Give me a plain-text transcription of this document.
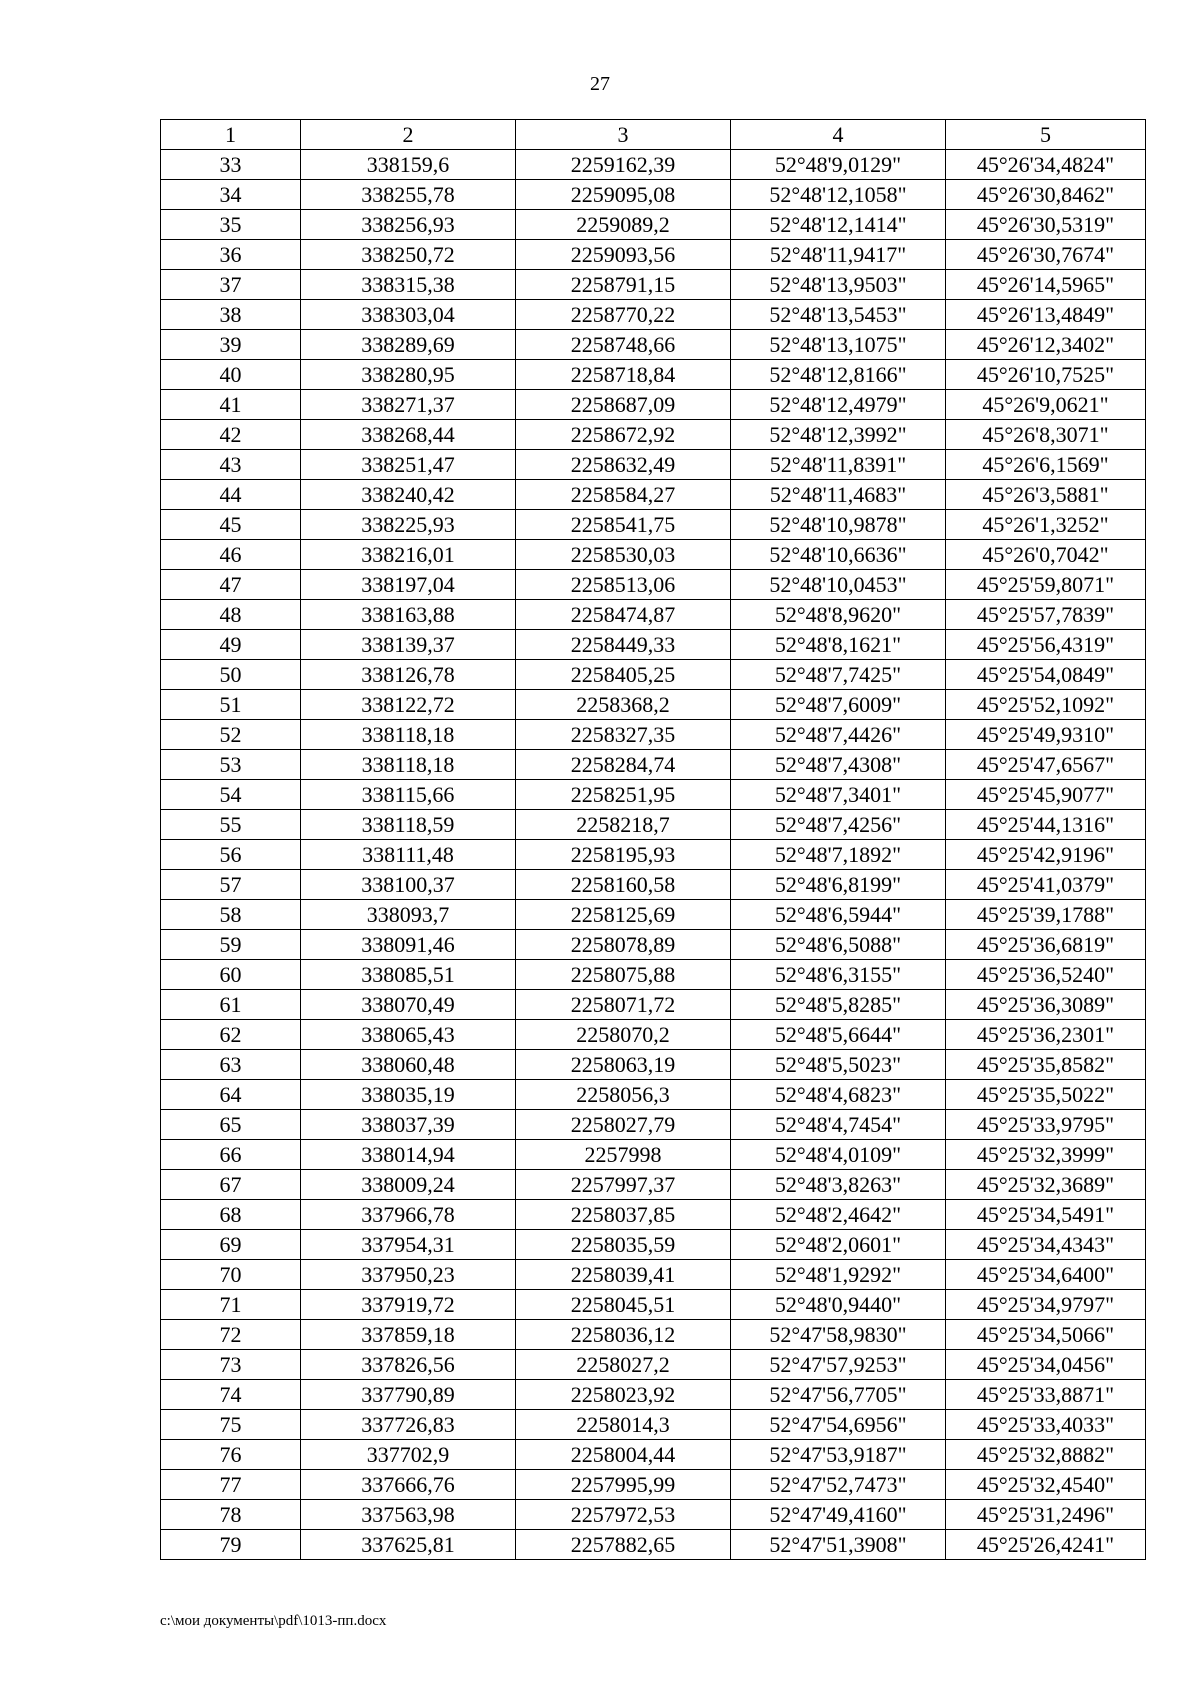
27
1	2	3	4	5
33	338159,6	2259162,39	52°48'9,0129"	45°26'34,4824"
34	338255,78	2259095,08	52°48'12,1058"	45°26'30,8462"
35	338256,93	2259089,2	52°48'12,1414"	45°26'30,5319"
36	338250,72	2259093,56	52°48'11,9417"	45°26'30,7674"
37	338315,38	2258791,15	52°48'13,9503"	45°26'14,5965"
38	338303,04	2258770,22	52°48'13,5453"	45°26'13,4849"
39	338289,69	2258748,66	52°48'13,1075"	45°26'12,3402"
40	338280,95	2258718,84	52°48'12,8166"	45°26'10,7525"
41	338271,37	2258687,09	52°48'12,4979"	45°26'9,0621"
42	338268,44	2258672,92	52°48'12,3992"	45°26'8,3071"
43	338251,47	2258632,49	52°48'11,8391"	45°26'6,1569"
44	338240,42	2258584,27	52°48'11,4683"	45°26'3,5881"
45	338225,93	2258541,75	52°48'10,9878"	45°26'1,3252"
46	338216,01	2258530,03	52°48'10,6636"	45°26'0,7042"
47	338197,04	2258513,06	52°48'10,0453"	45°25'59,8071"
48	338163,88	2258474,87	52°48'8,9620"	45°25'57,7839"
49	338139,37	2258449,33	52°48'8,1621"	45°25'56,4319"
50	338126,78	2258405,25	52°48'7,7425"	45°25'54,0849"
51	338122,72	2258368,2	52°48'7,6009"	45°25'52,1092"
52	338118,18	2258327,35	52°48'7,4426"	45°25'49,9310"
53	338118,18	2258284,74	52°48'7,4308"	45°25'47,6567"
54	338115,66	2258251,95	52°48'7,3401"	45°25'45,9077"
55	338118,59	2258218,7	52°48'7,4256"	45°25'44,1316"
56	338111,48	2258195,93	52°48'7,1892"	45°25'42,9196"
57	338100,37	2258160,58	52°48'6,8199"	45°25'41,0379"
58	338093,7	2258125,69	52°48'6,5944"	45°25'39,1788"
59	338091,46	2258078,89	52°48'6,5088"	45°25'36,6819"
60	338085,51	2258075,88	52°48'6,3155"	45°25'36,5240"
61	338070,49	2258071,72	52°48'5,8285"	45°25'36,3089"
62	338065,43	2258070,2	52°48'5,6644"	45°25'36,2301"
63	338060,48	2258063,19	52°48'5,5023"	45°25'35,8582"
64	338035,19	2258056,3	52°48'4,6823"	45°25'35,5022"
65	338037,39	2258027,79	52°48'4,7454"	45°25'33,9795"
66	338014,94	2257998	52°48'4,0109"	45°25'32,3999"
67	338009,24	2257997,37	52°48'3,8263"	45°25'32,3689"
68	337966,78	2258037,85	52°48'2,4642"	45°25'34,5491"
69	337954,31	2258035,59	52°48'2,0601"	45°25'34,4343"
70	337950,23	2258039,41	52°48'1,9292"	45°25'34,6400"
71	337919,72	2258045,51	52°48'0,9440"	45°25'34,9797"
72	337859,18	2258036,12	52°47'58,9830"	45°25'34,5066"
73	337826,56	2258027,2	52°47'57,9253"	45°25'34,0456"
74	337790,89	2258023,92	52°47'56,7705"	45°25'33,8871"
75	337726,83	2258014,3	52°47'54,6956"	45°25'33,4033"
76	337702,9	2258004,44	52°47'53,9187"	45°25'32,8882"
77	337666,76	2257995,99	52°47'52,7473"	45°25'32,4540"
78	337563,98	2257972,53	52°47'49,4160"	45°25'31,2496"
79	337625,81	2257882,65	52°47'51,3908"	45°25'26,4241"
c:\мои документы\pdf\1013-пп.docx
